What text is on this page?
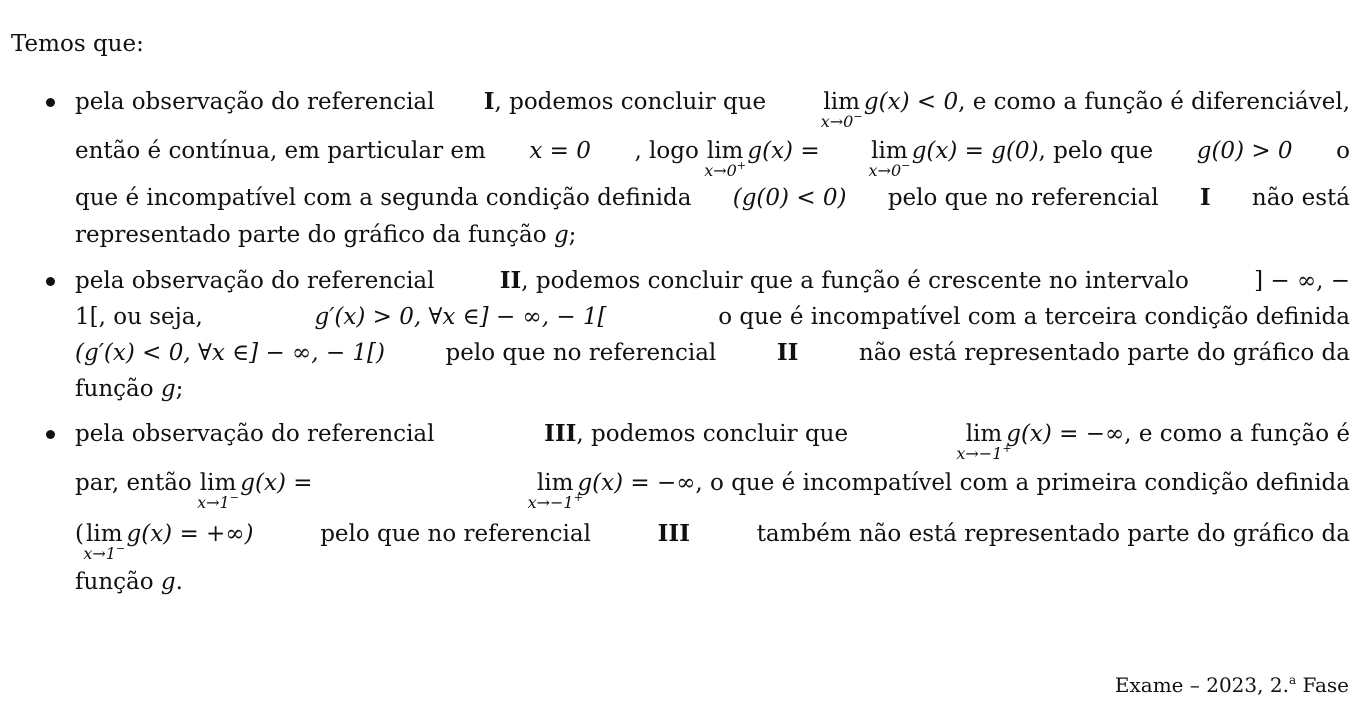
Temos que:
pela observação do referencial I, podemos concluir que lim
x→0−
g(x) < 0, e como a função é diferenciável,
então é contínua, em particular em x = 0 , logo lim
x→0+
g(x) = lim
x→0−
g(x) = g(0), pelo que g(0) > 0 o
que é incompatível com a segunda condição definida (g(0) < 0) pelo que no referencial I não está
representado parte do gráfico da função g;
pela observação do referencial	II, podemos concluir que a função é crescente no intervalo	] − ∞, −
1[, ou seja,	g′(x) > 0, ∀x ∈] − ∞, − 1[	o que é incompatível com a terceira condição definida
(g′(x) < 0, ∀x ∈] − ∞, − 1[)	pelo que no referencial	II	não está representado parte do gráfico da
função g;
pela observação do referencial	III, podemos concluir que	lim
x→−1+
g(x) = −∞, e como a função é
par, então lim
x→1−
g(x) =	lim
x→−1+
g(x) = −∞, o que é incompatível com a primeira condição definida
( lim
x→1−
g(x) = +∞)	pelo que no referencial	III	também não está representado parte do gráfico da
função g.
Exame – 2023, 2.$^a$ Fase
